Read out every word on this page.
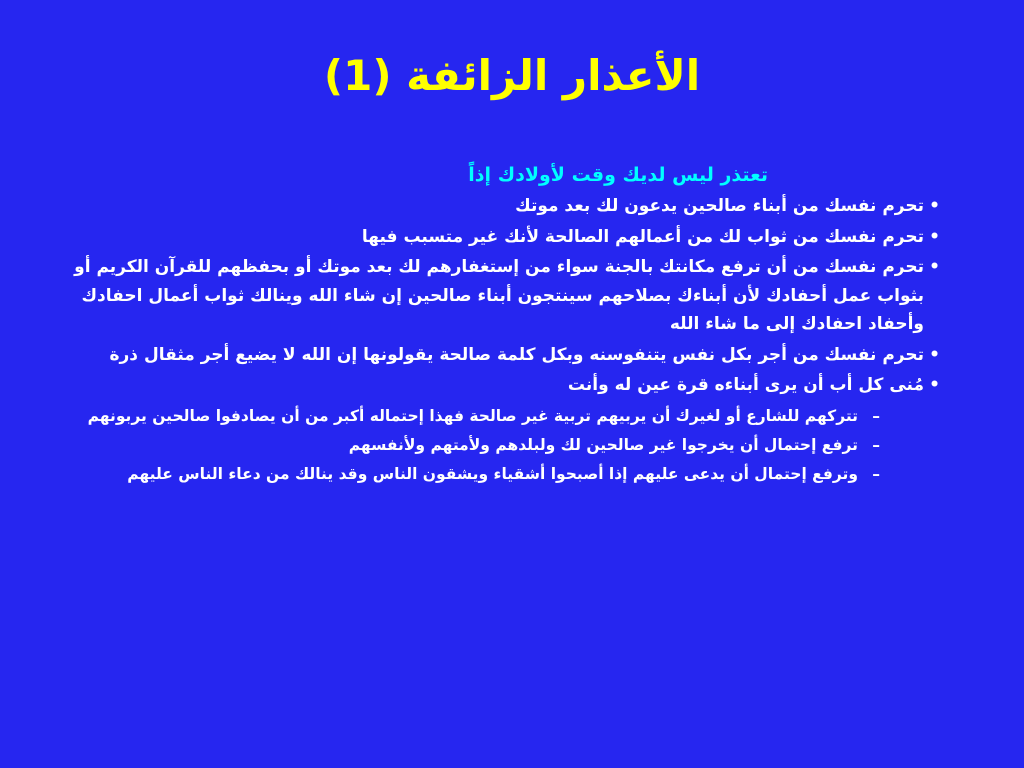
الأعذار الزائفة (1)

تعتذر ليس لديك وقت لأولادك إذاً

•
تحرم نفسك من أبناء صالحين يدعون لك بعد موتك
•
تحرم نفسك من ثواب لك من أعمالهم الصالحة لأنك غير متسبب فيها
•
تحرم نفسك من أن ترفع مكانتك بالجنة سواء من إستغفارهم لك بعد موتك أو بحفظهم للقرآن الكريم أو بثواب عمل أحفادك لأن أبناءك بصلاحهم سينتجون أبناء صالحين إن شاء الله وينالك ثواب أعمال احفادك وأحفاد احفادك إلى ما شاء الله
•
تحرم نفسك من أجر بكل نفس يتنفوسنه وبكل كلمة صالحة يقولونها إن الله لا يضيع أجر مثقال ذرة
•
مُنى كل أب أن يرى أبناءه قرة عين له وأنت
–
تتركهم للشارع أو لغيرك أن يربيهم تربية غير صالحة فهذا إحتماله أكبر من أن يصادفوا صالحين يربونهم
–
ترفع إحتمال أن يخرجوا غير صالحين لك ولبلدهم ولأمتهم ولأنفسهم
–
وترفع إحتمال أن يدعى عليهم إذا أصبحوا أشقياء ويشقون الناس وقد ينالك من دعاء الناس عليهم
